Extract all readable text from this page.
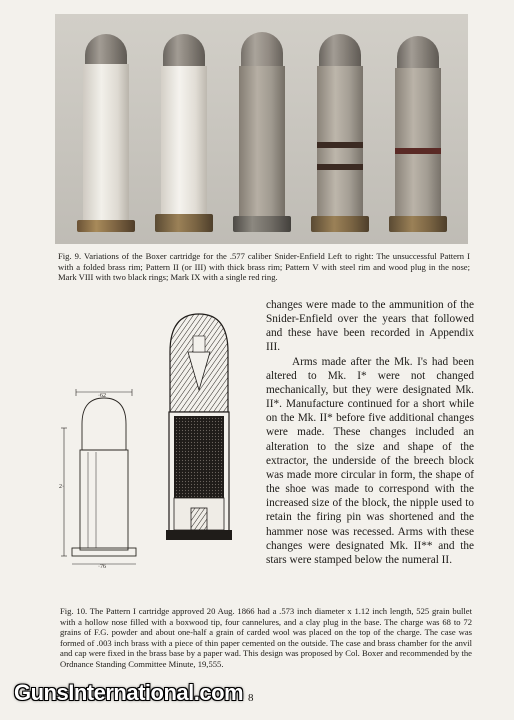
Fig. 9. Variations of the Boxer cartridge for the .577 caliber Snider-Enfield Left to right: The unsuccessful Pattern I with a folded brass rim; Pattern II (or III) with thick brass rim; Pattern V with steel rim and wood plug in the nose; Mark VIII with two black rings; Mark IX with a single red ring.
·62
2·
·76

changes were made to the ammunition of the Snider-Enfield over the years that followed and these have been recorded in Appendix III.

Arms made after the Mk. I's had been altered to Mk. I* were not changed mechanically, but they were designated Mk. II*. Manufacture continued for a short while on the Mk. II* before five additional changes were made. These changes included an alteration to the size and shape of the extractor, the underside of the breech block was made more circular in form, the shape of the shoe was made to correspond with the increased size of the block, the nipple used to retain the firing pin was shortened and the hammer nose was recessed. Arms with these changes were designated Mk. II** and the stars were stamped below the numeral II.

Fig. 10. The Pattern I cartridge approved 20 Aug. 1866 had a .573 inch diameter x 1.12 inch length, 525 grain bullet with a hollow nose filled with a boxwood tip, four cannelures, and a clay plug in the base. The charge was 68 to 72 grains of F.G. powder and about one-half a grain of carded wool was placed on the top of the charge. The case was formed of .003 inch brass with a piece of thin paper cemented on the outside. The case and brass chamber for the anvil and cap were fixed in the brass base by a paper wad. This design was proposed by Col. Boxer and recommended by the Ordnance Standing Committee Minute, 19,555.
GunsInternational.com 8
